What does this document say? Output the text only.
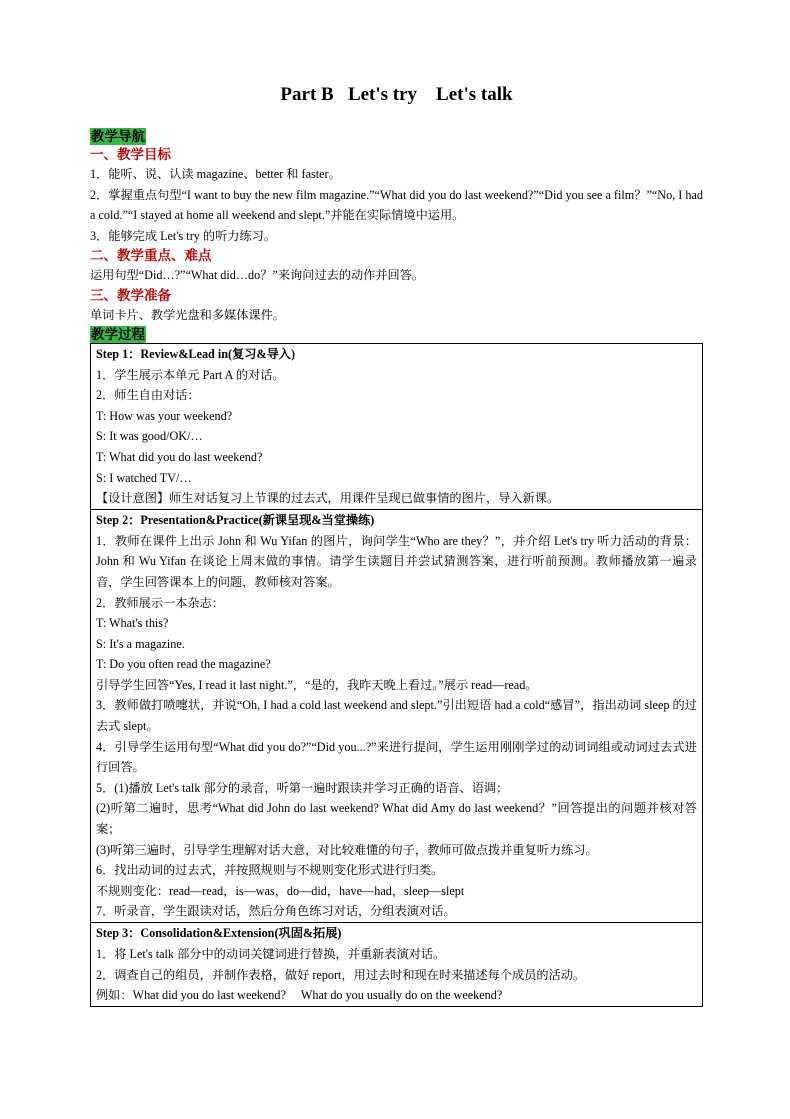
Part B   Let's try    Let's talk

教学导航

一、教学目标

1．能听、说、认读 magazine、better 和 faster。

2．掌握重点句型“I want to buy the new film magazine.”“What did you do last weekend?”“Did you see a film？”“No, I had a cold.”“I stayed at home all weekend and slept.”并能在实际情境中运用。

3．能够完成 Let's try 的听力练习。

二、教学重点、难点

运用句型“Did…?”“What did…do？”来询问过去的动作并回答。

三、教学准备

单词卡片、教学光盘和多媒体课件。

教学过程

Step 1：Review&Lead in(复习&导入)

1．学生展示本单元 Part A 的对话。

2．师生自由对话：

T: How was your weekend?

S: It was good/OK/…

T: What did you do last weekend?

S: I watched TV/…

【设计意图】师生对话复习上节课的过去式，用课件呈现已做事情的图片，导入新课。

Step 2：Presentation&Practice(新课呈现&当堂操练)

1．教师在课件上出示 John 和 Wu Yifan 的图片，询问学生“Who are they？”，并介绍 Let's try 听力活动的背景：John 和 Wu Yifan 在谈论上周末做的事情。请学生读题目并尝试猜测答案，进行听前预测。教师播放第一遍录音，学生回答课本上的问题，教师核对答案。

2．教师展示一本杂志：

T: What's this?

S: It's a magazine.

T: Do you often read the magazine?

引导学生回答“Yes, I read it last night.”，“是的，我昨天晚上看过。”展示 read—read。

3．教师做打喷嚏状，并说“Oh, I had a cold last weekend and slept.”引出短语 had a cold“感冒”，指出动词 sleep 的过去式 slept。

4．引导学生运用句型“What did you do?”“Did you...?”来进行提问，学生运用刚刚学过的动词词组或动词过去式进行回答。

5．(1)播放 Let's talk 部分的录音，听第一遍时跟读并学习正确的语音、语调；

(2)听第二遍时，思考“What did John do last weekend? What did Amy do last weekend？”回答提出的问题并核对答案；

(3)听第三遍时，引导学生理解对话大意，对比较难懂的句子，教师可做点拨并重复听力练习。

6．找出动词的过去式，并按照规则与不规则变化形式进行归类。

不规则变化：read—read，is—was，do—did，have—had，sleep—slept

7．听录音，学生跟读对话，然后分角色练习对话，分组表演对话。

Step 3：Consolidation&Extension(巩固&拓展)

1．将 Let's talk 部分中的动词关键词进行替换，并重新表演对话。

2．调查自己的组员，并制作表格，做好 report，用过去时和现在时来描述每个成员的活动。

例如：What did you do last weekend?　 What do you usually do on the weekend?
